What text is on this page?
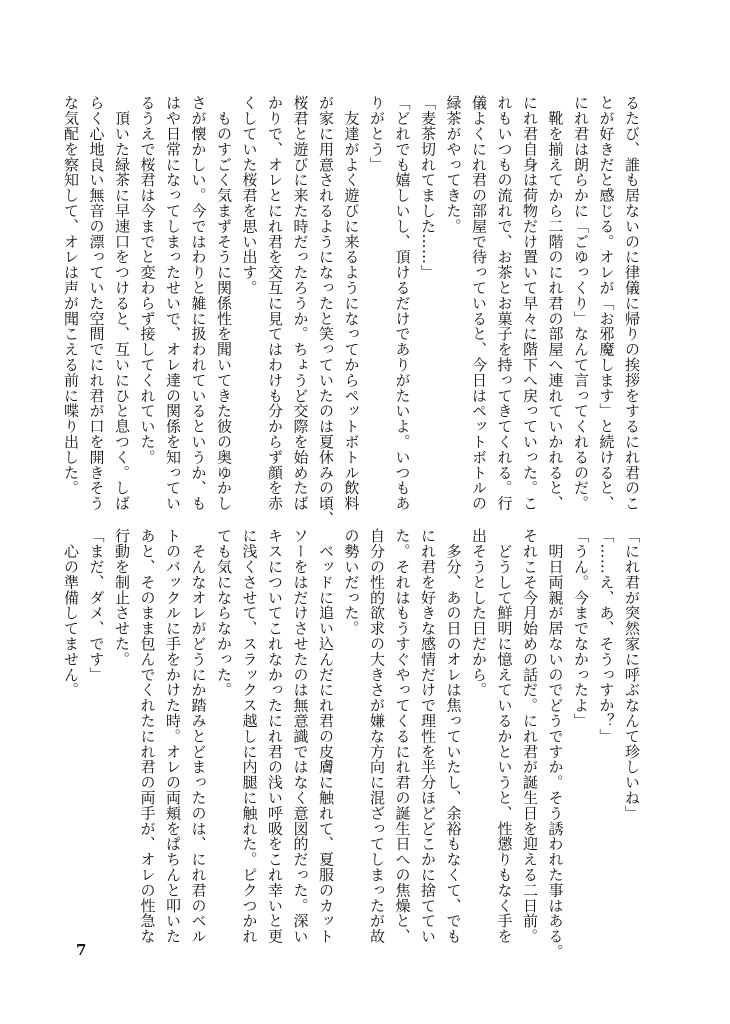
るたび、誰も居ないのに律儀に帰りの挨拶をするにれ君のこ
とが好きだと感じる。オレが「お邪魔します」と続けると、
にれ君は朗らかに「ごゆっくり」なんて言ってくれるのだ。
　靴を揃えてから二階のにれ君の部屋へ連れていかれると、
にれ君自身は荷物だけ置いて早々に階下へ戻っていった。こ
れもいつもの流れで、お茶とお菓子を持ってきてくれる。行
儀よくにれ君の部屋で待っていると、今日はペットボトルの
緑茶がやってきた。
「麦茶切れてました……」
「どれでも嬉しいし、頂けるだけでありがたいよ。いつもあ
りがとう」
　友達がよく遊びに来るようになってからペットボトル飲料
が家に用意されるようになったと笑っていたのは夏休みの頃、
桜君と遊びに来た時だったろうか。ちょうど交際を始めたば
かりで、オレとにれ君を交互に見てはわけも分からず顔を赤
くしていた桜君を思い出す。
　ものすごく気まずそうに関係性を聞いてきた彼の奥ゆかし
さが懐かしい。今ではわりと雑に扱われているというか、も
はや日常になってしまったせいで、オレ達の関係を知ってい
るうえで桜君は今までと変わらず接してくれていた。
　頂いた緑茶に早速口をつけると、互いにひと息つく。しば
らく心地良い無音の漂っていた空間でにれ君が口を開きそう
な気配を察知して、オレは声が聞こえる前に喋り出した。
「にれ君が突然家に呼ぶなんて珍しいね」
「……え、あ、そうっすか？」
「うん。今までなかったよ」
　明日両親が居ないのでどうですか。そう誘われた事はある。
それこそ今月始めの話だ。にれ君が誕生日を迎える二日前。
　どうして鮮明に憶えているかというと、性懲りもなく手を
出そうとした日だから。
　多分、あの日のオレは焦っていたし、余裕もなくて、でも
にれ君を好きな感情だけで理性を半分ほどどこかに捨ててい
た。それはもうすぐやってくるにれ君の誕生日への焦燥と、
自分の性的欲求の大きさが嫌な方向に混ざってしまったが故
の勢いだった。
　ベッドに追い込んだにれ君の皮膚に触れて、夏服のカット
ソーをはだけさせたのは無意識ではなく意図的だった。深い
キスについてこれなかったにれ君の浅い呼吸をこれ幸いと更
に浅くさせて、スラックス越しに内腿に触れた。ピクつかれ
ても気にならなかった。
　そんなオレがどうにか踏みとどまったのは、にれ君のベル
トのバックルに手をかけた時。オレの両頬をぱちんと叩いた
あと、そのまま包んでくれたにれ君の両手が、オレの性急な
行動を制止させた。
「まだ、ダメ、です」
　心の準備してません。
7
